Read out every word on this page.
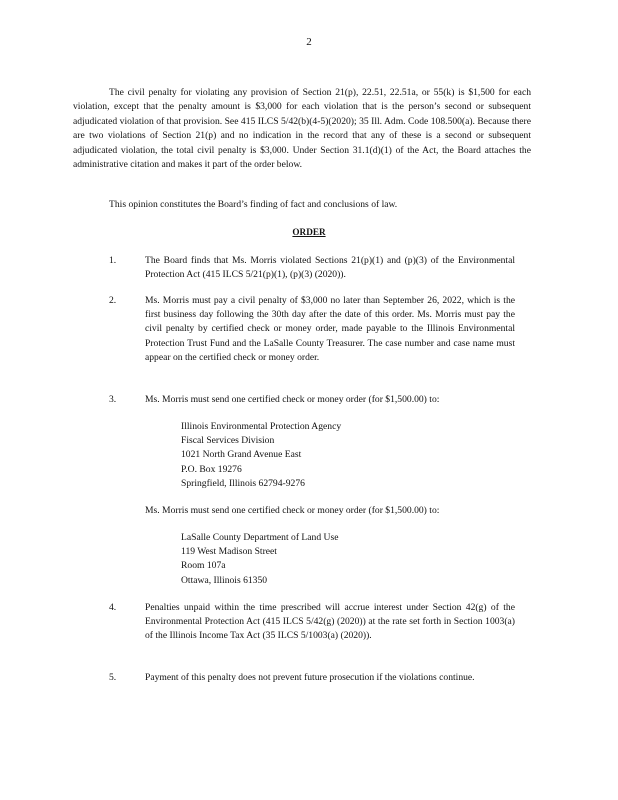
2
The civil penalty for violating any provision of Section 21(p), 22.51, 22.51a, or 55(k) is $1,500 for each violation, except that the penalty amount is $3,000 for each violation that is the person’s second or subsequent adjudicated violation of that provision. See 415 ILCS 5/42(b)(4-5)(2020); 35 Ill. Adm. Code 108.500(a). Because there are two violations of Section 21(p) and no indication in the record that any of these is a second or subsequent adjudicated violation, the total civil penalty is $3,000. Under Section 31.1(d)(1) of the Act, the Board attaches the administrative citation and makes it part of the order below.
This opinion constitutes the Board’s finding of fact and conclusions of law.
ORDER
1.	The Board finds that Ms. Morris violated Sections 21(p)(1) and (p)(3) of the Environmental Protection Act (415 ILCS 5/21(p)(1), (p)(3) (2020)).
2.	Ms. Morris must pay a civil penalty of $3,000 no later than September 26, 2022, which is the first business day following the 30th day after the date of this order. Ms. Morris must pay the civil penalty by certified check or money order, made payable to the Illinois Environmental Protection Trust Fund and the LaSalle County Treasurer. The case number and case name must appear on the certified check or money order.
3.	Ms. Morris must send one certified check or money order (for $1,500.00) to:
Illinois Environmental Protection Agency
Fiscal Services Division
1021 North Grand Avenue East
P.O. Box 19276
Springfield, Illinois 62794-9276
Ms. Morris must send one certified check or money order (for $1,500.00) to:
LaSalle County Department of Land Use
119 West Madison Street
Room 107a
Ottawa, Illinois 61350
4.	Penalties unpaid within the time prescribed will accrue interest under Section 42(g) of the Environmental Protection Act (415 ILCS 5/42(g) (2020)) at the rate set forth in Section 1003(a) of the Illinois Income Tax Act (35 ILCS 5/1003(a) (2020)).
5.	Payment of this penalty does not prevent future prosecution if the violations continue.
